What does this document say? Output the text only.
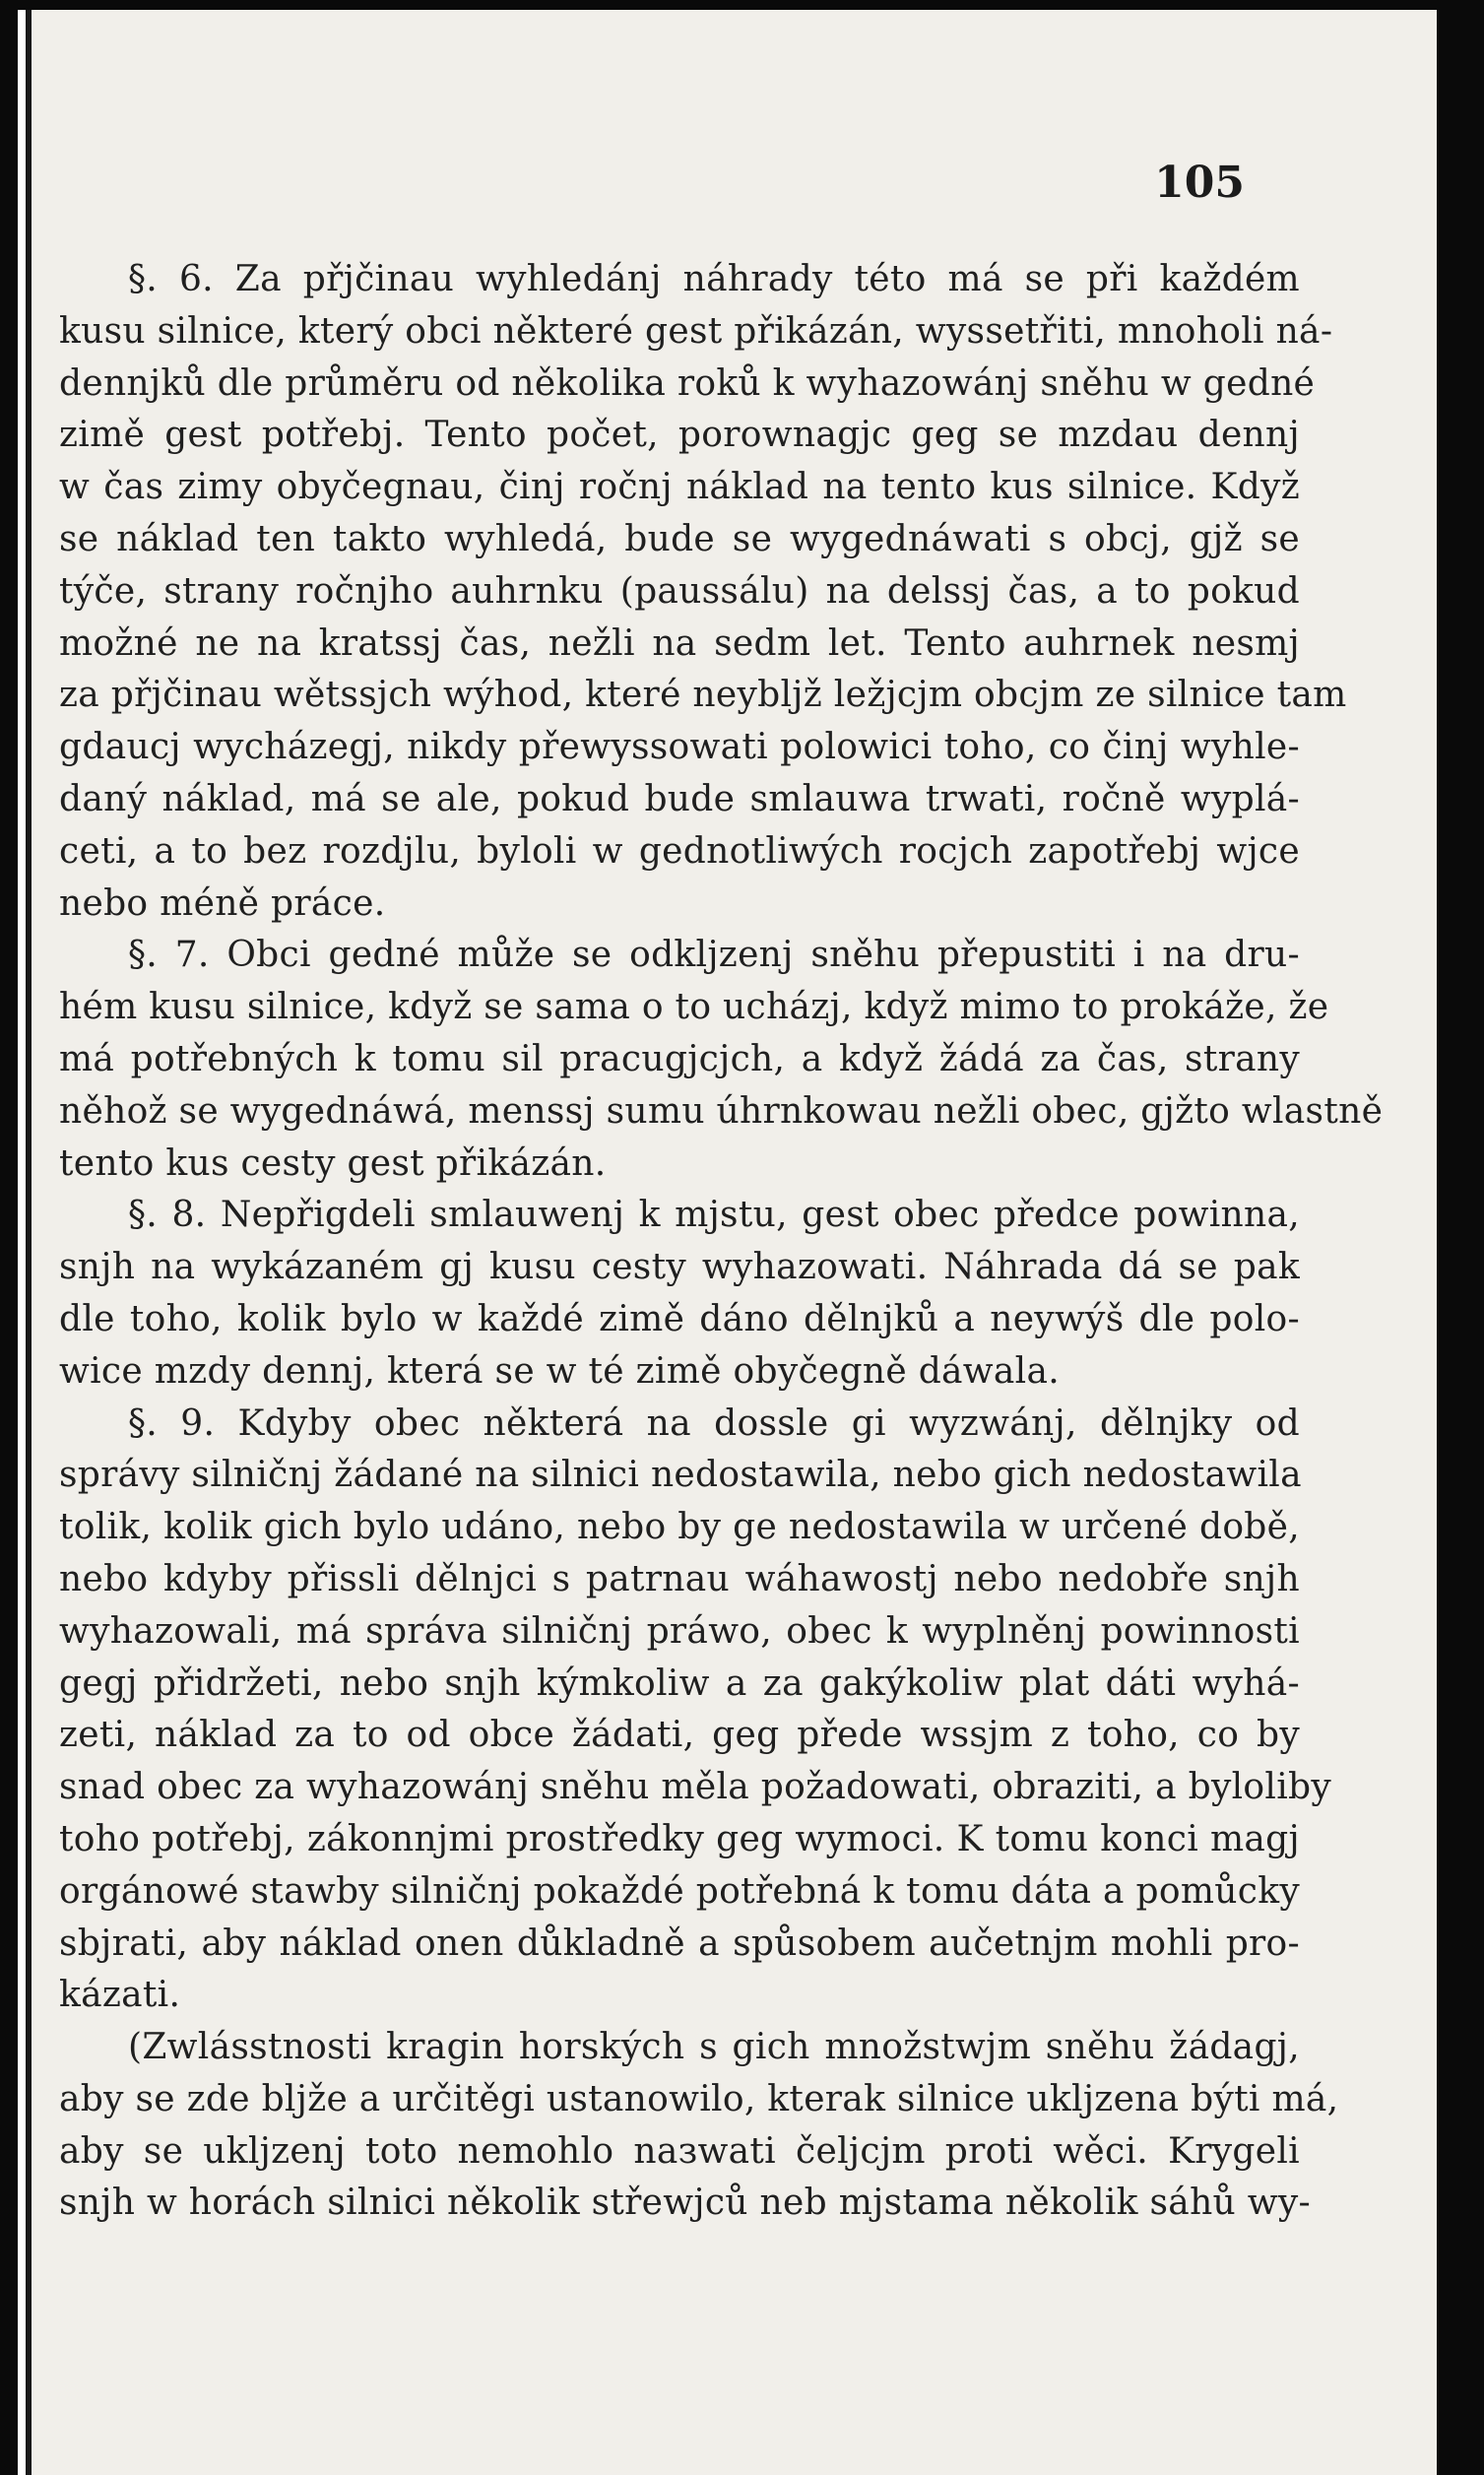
105
§. 6. Za přjčinau wyhledánj náhrady této má se při každém
kusu silnice, který obci některé gest přikázán, wyssetřiti, mnoholi ná‑
dennjků dle průměru od několika roků k wyhazowánj sněhu w gedné
zimě gest potřebj. Tento počet, porownagjc geg se mzdau dennj
w čas zimy obyčegnau, činj ročnj náklad na tento kus silnice. Když
se náklad ten takto wyhledá, bude se wygednáwati s obcj, gjž se
týče, strany ročnjho auhrnku (paussálu) na delssj čas, a to pokud
možné ne na kratssj čas, nežli na sedm let. Tento auhrnek nesmj
za přjčinau wětssjch wýhod, které neyblјž ležjcjm obcjm ze silnice tam
gdaucj wycházegj, nikdy přewyssowati polowici toho, co činj wyhle‑
daný náklad, má se ale, pokud bude smlauwa trwati, ročně wyplá‑
ceti, a to bez rozdjlu, byloli w gednotliwých rocjch zapotřebj wjce
nebo méně práce.
§. 7. Obci gedné může se odkljzenj sněhu přepustiti i na dru‑
hém kusu silnice, když se sama o to ucházj, když mimo to prokáže, že
má potřebných k tomu sil pracugjcjch, a když žádá za čas, strany
něhož se wygednáwá, menssj sumu úhrnkowau nežli obec, gjžto wlastně
tento kus cesty gest přikázán.
§. 8. Nepřigdeli smlauwenj k mjstu, gest obec předce powinna,
snjh na wykázaném gj kusu cesty wyhazowati. Náhrada dá se pak
dle toho, kolik bylo w každé zimě dáno dělnjků a neywýš dle polo‑
wice mzdy dennj, která se w té zimě obyčegně dáwala.
§. 9. Kdyby obec některá na dossle gi wyzwánj, dělnjky od
správy silničnj žádané na silnici nedostawila, nebo gich nedostawila
tolik, kolik gich bylo udáno, nebo by ge nedostawila w určené době,
nebo kdyby přissli dělnjci s patrnau wáhawostj nebo nedobře snjh
wyhazowali, má správa silničnj práwo, obec k wyplněnj powinnosti
gegj přidržeti, nebo snjh kýmkoliw a za gakýkoliw plat dáti wyhá‑
zeti, náklad za to od obce žádati, geg přede wssjm z toho, co by
snad obec za wyhazowánj sněhu měla požadowati, obraziti, a byloliby
toho potřebj, zákonnjmi prostředky geg wymoci. K tomu konci magj
orgánowé stawby silničnj pokaždé potřebná k tomu dáta a pomůcky
sbjrati, aby náklad onen důkladně a spůsobem aučetnjm mohli pro‑
kázati.
(Zwlásstnosti kragin horských s gich množstwjm sněhu žádagj,
aby se zde blјže a určitěgi ustanowilo, kterak silnice uklјzena býti má,
aby se uklјzenj toto nemohlo naзwati čeljcjm proti wěci. Krygeli
snjh w horách silnici několik střewjců neb mjstama několik sáhů wy‑
